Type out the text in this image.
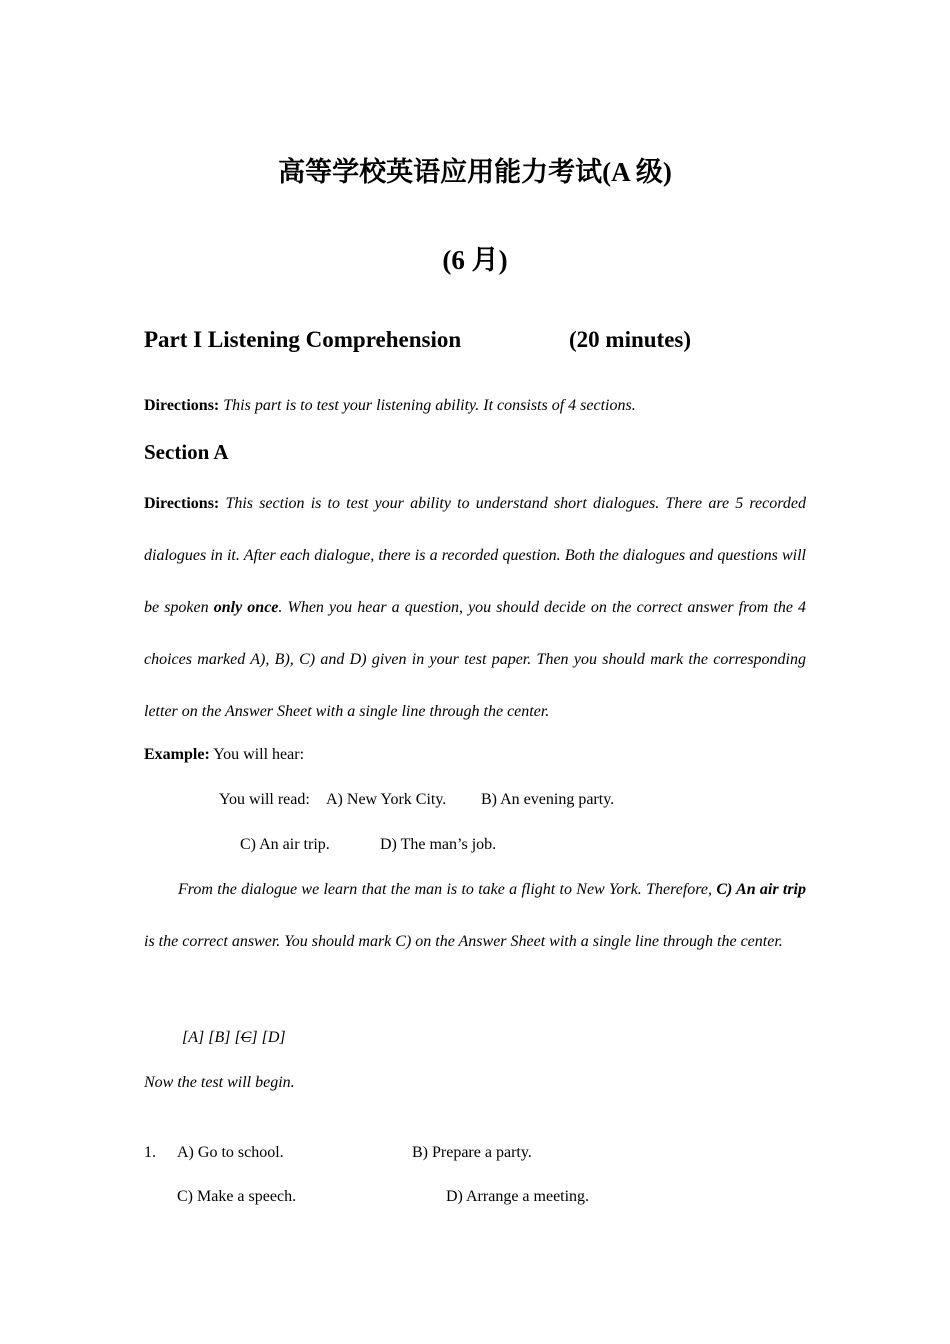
高等学校英语应用能力考试(A 级)
(6 月)
Part I Listening Comprehension	(20 minutes)
Directions: This part is to test your listening ability. It consists of 4 sections.
Section A
Directions: This section is to test your ability to understand short dialogues. There are 5 recorded dialogues in it. After each dialogue, there is a recorded question. Both the dialogues and questions will be spoken only once. When you hear a question, you should decide on the correct answer from the 4 choices marked A), B), C) and D) given in your test paper. Then you should mark the corresponding letter on the Answer Sheet with a single line through the center.
Example: You will hear:
You will read: A) New York City. B) An evening party.
C) An air trip.	D) The man’s job.
From the dialogue we learn that the man is to take a flight to New York. Therefore, C) An air trip is the correct answer. You should mark C) on the Answer Sheet with a single line through the center.
[A] [B] [C] [D]
Now the test will begin.
1. A) Go to school.	B) Prepare a party.
C) Make a speech.	D) Arrange a meeting.
